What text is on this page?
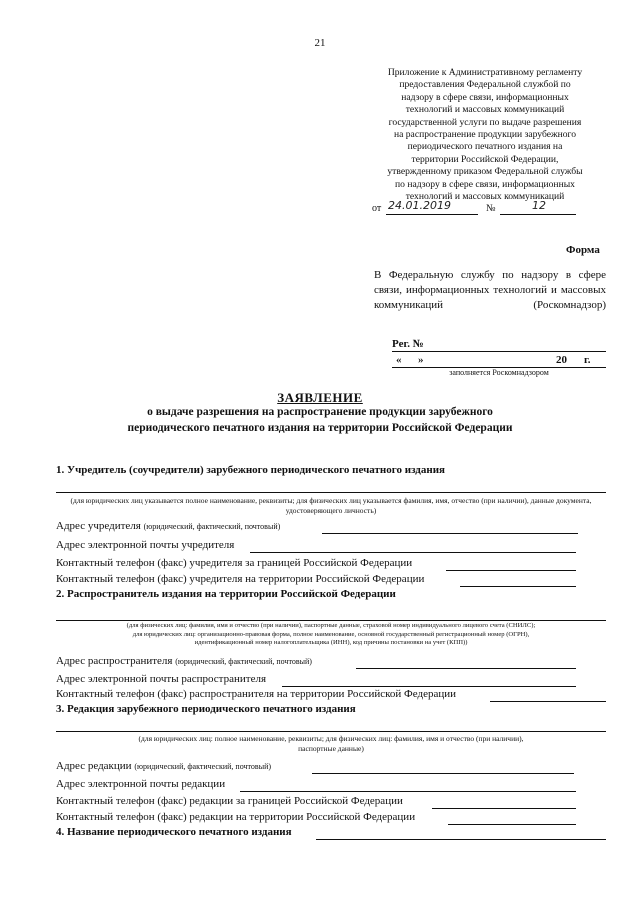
21
Приложение к Административному регламенту
предоставления Федеральной службой по
надзору в сфере связи, информационных
технологий и массовых коммуникаций
государственной услуги по выдаче разрешения
на распространение продукции зарубежного
периодического печатного издания на
территории Российской Федерации,
утвержденному приказом Федеральной службы
по надзору в сфере связи, информационных
технологий и массовых коммуникаций
от 24.01.2019	№	12
Форма
В Федеральную службу по надзору в сфере связи, информационных технологий и массовых коммуникаций (Роскомнадзор)
Рег. №
« »	20 г.
заполняется Роскомнадзором
ЗАЯВЛЕНИЕ
о выдаче разрешения на распространение продукции зарубежного
периодического печатного издания на территории Российской Федерации
1. Учредитель (соучредители) зарубежного периодического печатного издания
(для юридических лиц указывается полное наименование, реквизиты; для физических лиц указывается фамилия, имя, отчество (при наличии), данные документа, удостоверяющего личность)
Адрес учредителя (юридический, фактический, почтовый)
Адрес электронной почты учредителя
Контактный телефон (факс) учредителя за границей Российской Федерации
Контактный телефон (факс) учредителя на территории Российской Федерации
2. Распространитель издания на территории Российской Федерации
(для физических лиц: фамилия, имя и отчество (при наличии), паспортные данные, страховой номер индивидуального лицевого счета (СНИЛС);
для юридических лиц: организационно-правовая форма, полное наименование, основной государственный регистрационный номер (ОГРН),
идентификационный номер налогоплательщика (ИНН), код причины постановки на учет (КПП))
Адрес распространителя (юридический, фактический, почтовый)
Адрес электронной почты распространителя
Контактный телефон (факс) распространителя на территории Российской Федерации
3. Редакция зарубежного периодического печатного издания
(для юридических лиц: полное наименование, реквизиты; для физических лиц: фамилия, имя и отчество (при наличии),
паспортные данные)
Адрес редакции (юридический, фактический, почтовый)
Адрес электронной почты редакции
Контактный телефон (факс) редакции за границей Российской Федерации
Контактный телефон (факс) редакции на территории Российской Федерации
4. Название периодического печатного издания
